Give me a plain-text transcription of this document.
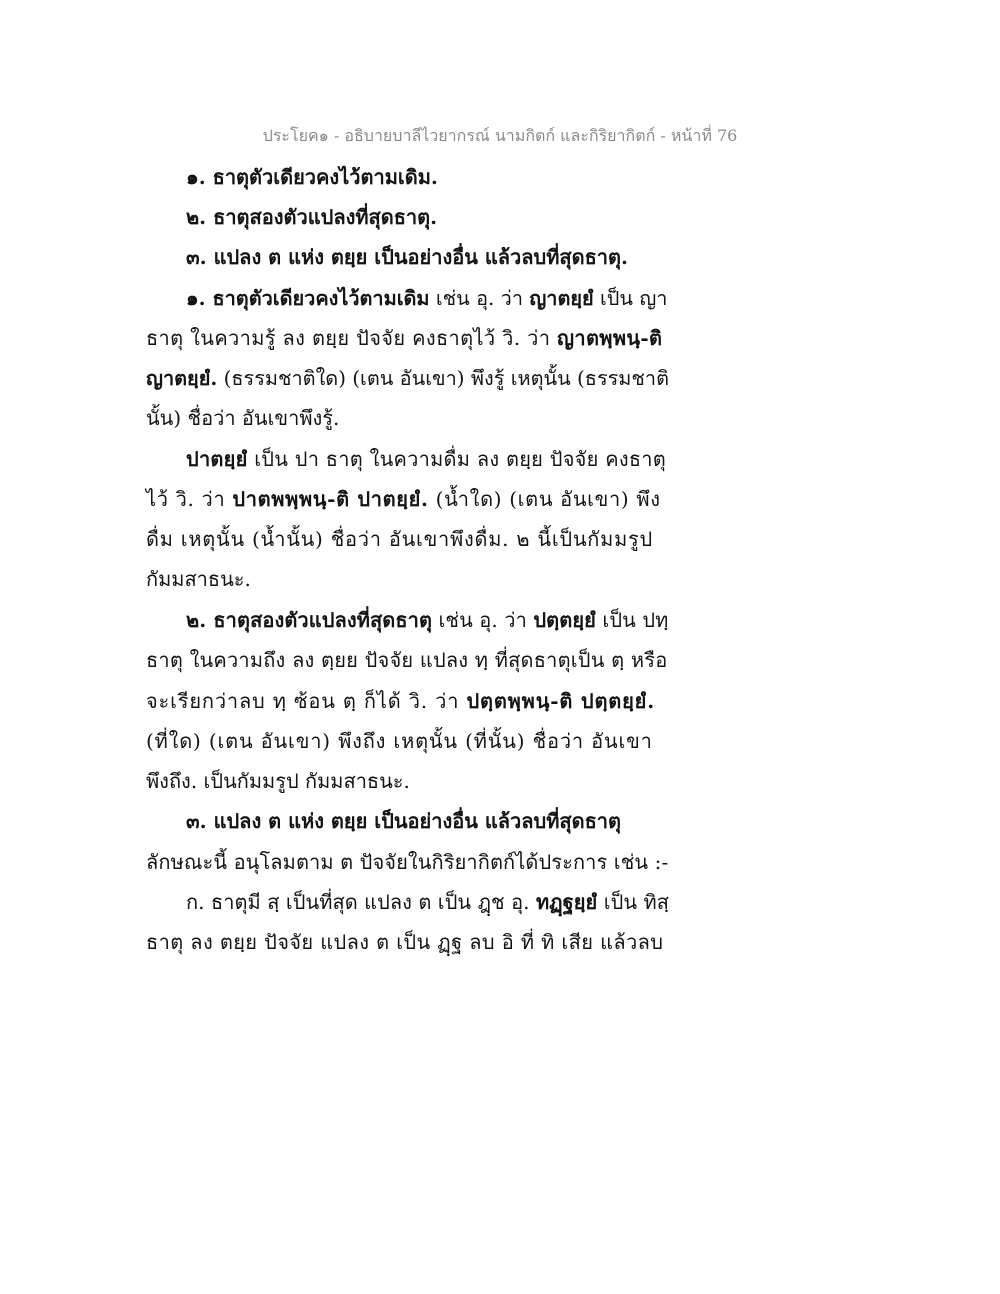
ประโยค๑ - อธิบายบาลีไวยากรณ์ นามกิตก์ และกิริยากิตก์ - หน้าที่ 76
๑. ธาตุตัวเดียวคงไว้ตามเดิม.
๒. ธาตุสองตัวแปลงที่สุดธาตุ.
๓. แปลง ต แห่ง ตยฺย เป็นอย่างอื่น แล้วลบที่สุดธาตุ.
๑. ธาตุตัวเดียวคงไว้ตามเดิม เช่น อุ. ว่า ญาตยฺยํ เป็น ญา
ธาตุ ในความรู้ ลง ตยฺย ปัจจัย คงธาตุไว้ วิ. ว่า ญาตพฺพนฺ-ติ
ญาตยฺยํ. (ธรรมชาติใด) (เตน อันเขา) พึงรู้ เหตุนั้น (ธรรมชาติ
นั้น) ชื่อว่า อันเขาพึงรู้.
ปาตยฺยํ เป็น ปา ธาตุ ในความดื่ม ลง ตยฺย ปัจจัย คงธาตุ
ไว้ วิ. ว่า ปาตพพฺพนฺ-ติ ปาตยฺยํ. (น้ำใด) (เตน อันเขา) พึง
ดื่ม เหตุนั้น (น้ำนั้น) ชื่อว่า อันเขาพึงดื่ม. ๒ นี้เป็นกัมมรูป
กัมมสาธนะ.
๒. ธาตุสองตัวแปลงที่สุดธาตุ เช่น อุ. ว่า ปตฺตยฺยํ เป็น ปทฺ
ธาตุ ในความถึง ลง ตฺยย ปัจจัย แปลง ทฺ ที่สุดธาตุเป็น ตฺ หรือ
จะเรียกว่าลบ ทฺ ซ้อน ตฺ ก็ได้ วิ. ว่า ปตฺตพฺพนฺ-ติ ปตฺตยฺยํ.
(ที่ใด) (เตน อันเขา) พึงถึง เหตุนั้น (ที่นั้น) ชื่อว่า อันเขา
พึงถึง. เป็นกัมมรูป กัมมสาธนะ.
๓. แปลง ต แห่ง ตยฺย เป็นอย่างอื่น แล้วลบที่สุดธาตุ
ลักษณะนี้ อนุโลมตาม ต ปัจจัยในกิริยากิตก์ได้ประการ เช่น :-
ก. ธาตุมี สฺ เป็นที่สุด แปลง ต เป็น ฎฺช อุ. ทฏฺฐยฺยํ เป็น ทิสฺ
ธาตุ ลง ตยฺย ปัจจัย แปลง ต เป็น ฏฺฐ ลบ อิ ที่ ทิ เสีย แล้วลบ
